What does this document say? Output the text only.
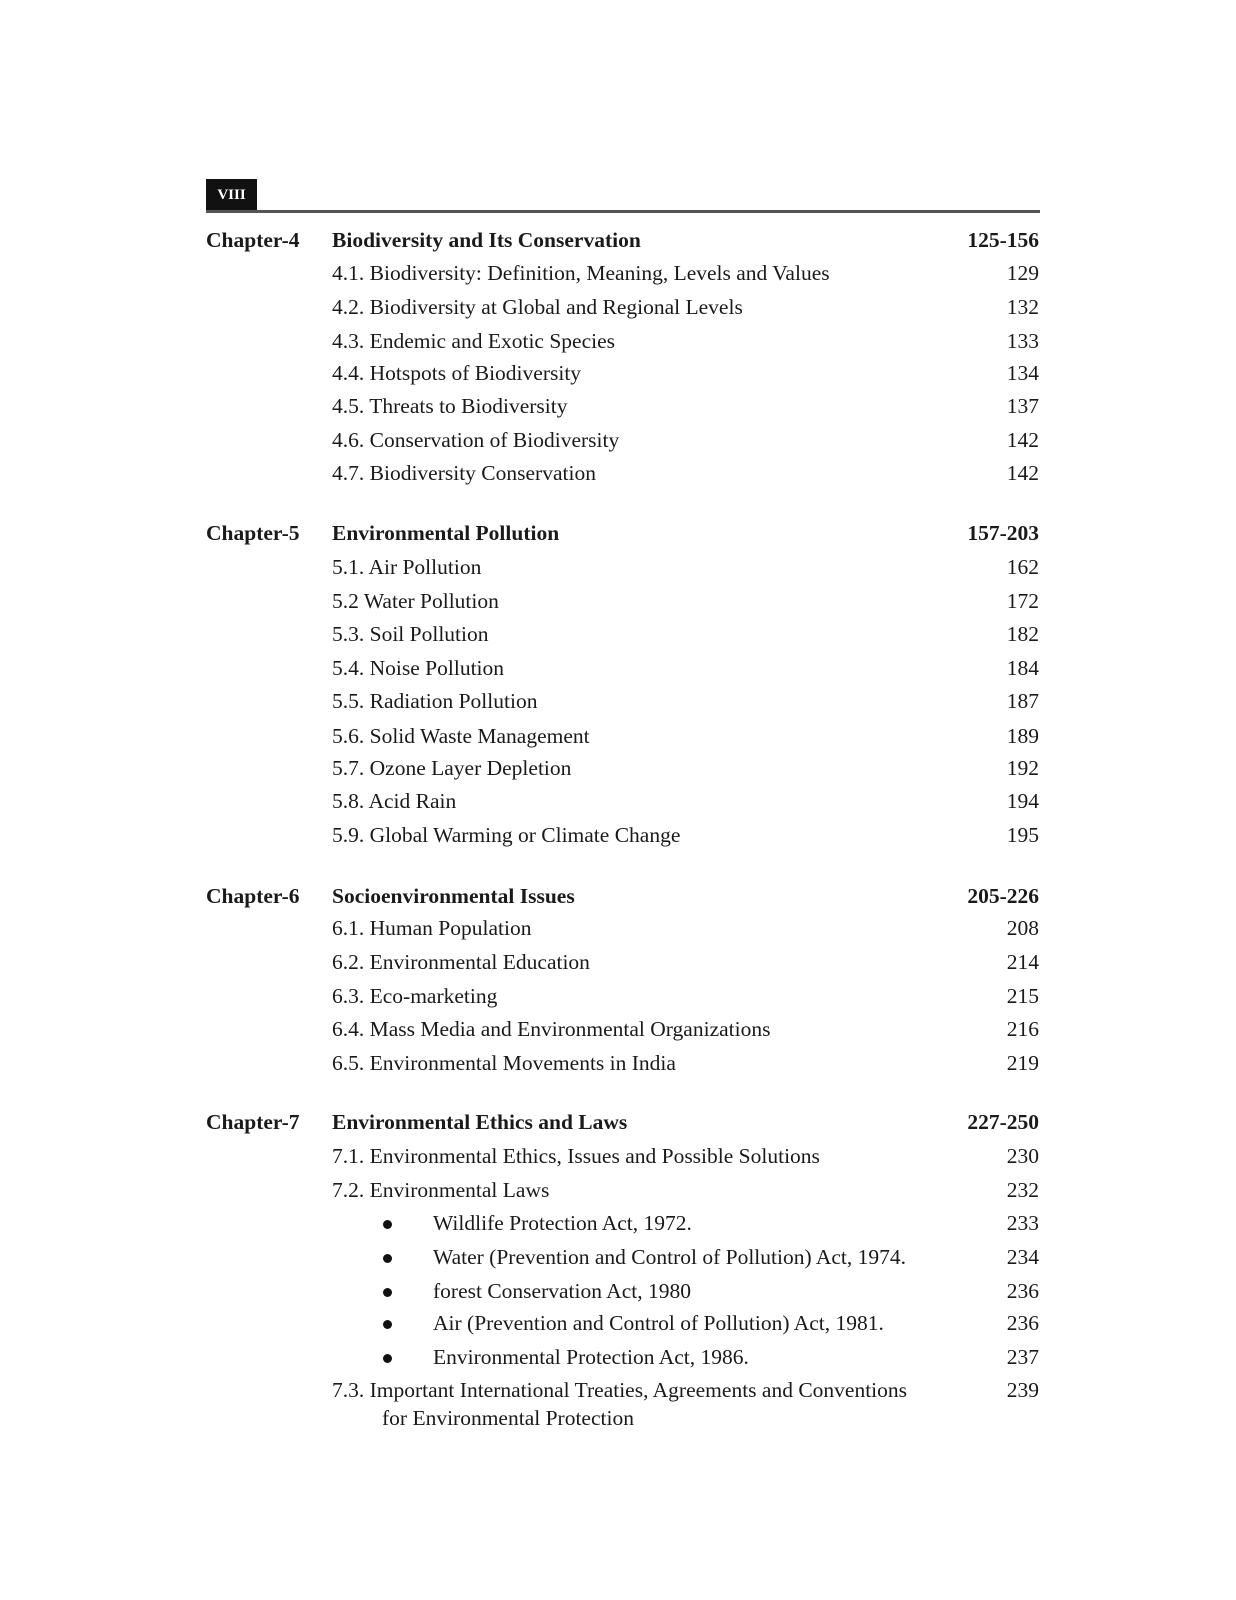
VIII
Chapter-4 Biodiversity and Its Conservation	125-156
4.1. Biodiversity: Definition, Meaning, Levels and Values	129
4.2. Biodiversity at Global and Regional Levels	132
4.3. Endemic and Exotic Species	133
4.4. Hotspots of Biodiversity	134
4.5. Threats to Biodiversity	137
4.6. Conservation of Biodiversity	142
4.7. Biodiversity Conservation	142
Chapter-5 Environmental Pollution	157-203
5.1. Air Pollution	162
5.2 Water Pollution	172
5.3. Soil Pollution	182
5.4. Noise Pollution	184
5.5. Radiation Pollution	187
5.6. Solid Waste Management	189
5.7. Ozone Layer Depletion	192
5.8. Acid Rain	194
5.9. Global Warming or Climate Change	195
Chapter-6 Socioenvironmental Issues	205-226
6.1. Human Population	208
6.2. Environmental Education	214
6.3. Eco-marketing	215
6.4. Mass Media and Environmental Organizations	216
6.5. Environmental Movements in India	219
Chapter-7 Environmental Ethics and Laws	227-250
7.1. Environmental Ethics, Issues and Possible Solutions	230
7.2. Environmental Laws	232
Wildlife Protection Act, 1972.	233
Water (Prevention and Control of Pollution) Act, 1974.	234
forest Conservation Act, 1980	236
Air (Prevention and Control of Pollution) Act, 1981.	236
Environmental Protection Act, 1986.	237
7.3. Important International Treaties, Agreements and Conventions	239
for Environmental Protection
